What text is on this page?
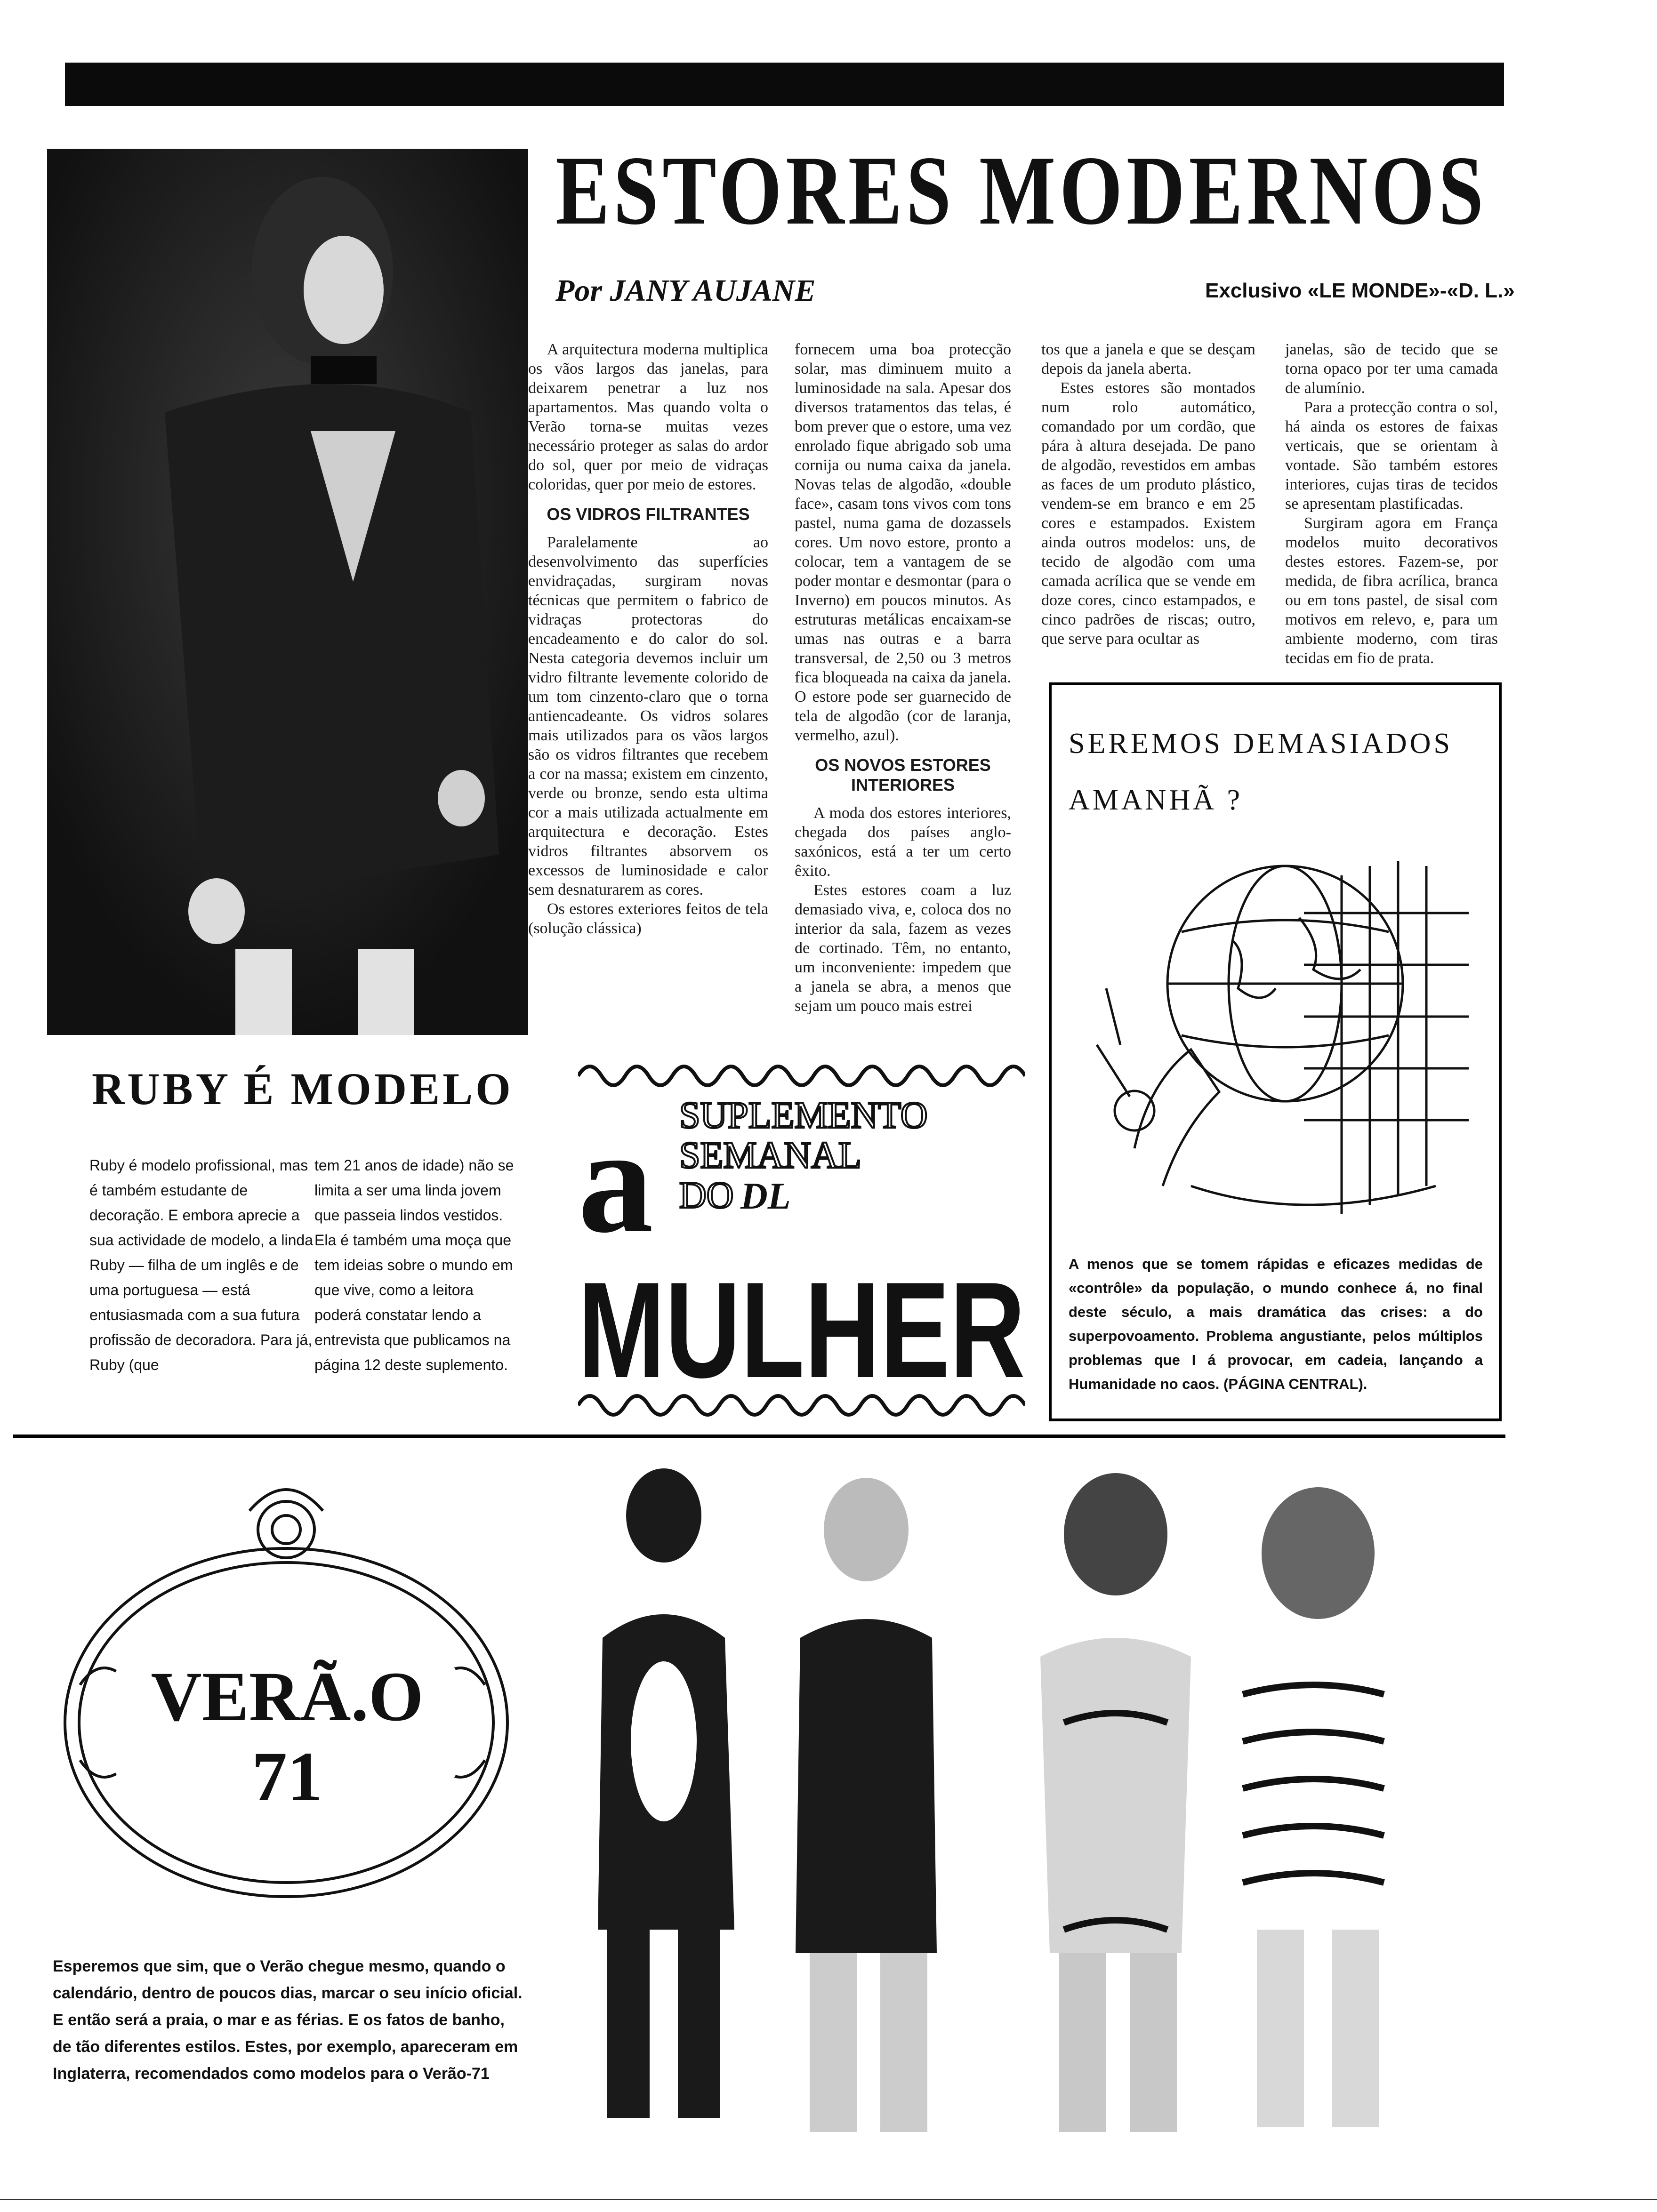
ESTORES MODERNOS
Por JANY AUJANE	Exclusivo «LE MONDE»-«D. L.»

A arquitectura moderna multiplica os vãos largos das janelas, para deixarem penetrar a luz nos apartamentos. Mas quando volta o Verão torna-se muitas vezes necessário proteger as salas do ardor do sol, quer por meio de vidraças coloridas, quer por meio de estores.

OS VIDROS FILTRANTES

Paralelamente ao desenvolvimento das superfícies envidraçadas, surgiram novas técnicas que permitem o fabrico de vidraças protectoras do encadeamento e do calor do sol. Nesta categoria devemos incluir um vidro filtrante levemente colorido de um tom cinzento-claro que o torna antiencadeante. Os vidros solares mais utilizados para os vãos largos são os vidros filtrantes que recebem a cor na massa; existem em cinzento, verde ou bronze, sendo esta ultima cor a mais utilizada actualmente em arquitectura e decoração. Estes vidros filtrantes absorvem os excessos de luminosidade e calor sem desnaturarem as cores.

Os estores exteriores feitos de tela (solução clássica)

fornecem uma boa protecção solar, mas diminuem muito a luminosidade na sala. Apesar dos diversos tratamentos das telas, é bom prever que o estore, uma vez enrolado fique abrigado sob uma cornija ou numa caixa da janela. Novas telas de algodão, «double face», casam tons vivos com tons pastel, numa gama de dozassels cores. Um novo estore, pronto a colocar, tem a vantagem de se poder montar e desmontar (para o Inverno) em poucos minutos. As estruturas metálicas encaixam-se umas nas outras e a barra transversal, de 2,50 ou 3 metros fica bloqueada na caixa da janela. O estore pode ser guarnecido de tela de algodão (cor de laranja, vermelho, azul).

OS NOVOS ESTORES INTERIORES

A moda dos estores interiores, chegada dos países anglo-saxónicos, está a ter um certo êxito.

Estes estores coam a luz demasiado viva, e, coloca dos no interior da sala, fazem as vezes de cortinado. Têm, no entanto, um inconveniente: impedem que a janela se abra, a menos que sejam um pouco mais estrei

tos que a janela e que se desçam depois da janela aberta.

Estes estores são montados num rolo automático, comandado por um cordão, que pára à altura desejada. De pano de algodão, revestidos em ambas as faces de um produto plástico, vendem-se em branco e em 25 cores e estampados. Existem ainda outros modelos: uns, de tecido de algodão com uma camada acrílica que se vende em doze cores, cinco estampados, e cinco padrões de riscas; outro, que serve para ocultar as

janelas, são de tecido que se torna opaco por ter uma camada de alumínio.

Para a protecção contra o sol, há ainda os estores de faixas verticais, que se orientam à vontade. São também estores interiores, cujas tiras de tecidos se apresentam plastificadas.

Surgiram agora em França modelos muito decorativos destes estores. Fazem-se, por medida, de fibra acrílica, branca ou em tons pastel, de sisal com motivos em relevo, e, para um ambiente moderno, com tiras tecidas em fio de prata.

SEREMOS DEMASIADOS
AMANHÃ ?
A menos que se tomem rápidas e eficazes medidas de «contrôle» da população, o mundo conhece á, no final deste século, a mais dramática das crises: a do superpovoamento. Problema angustiante, pelos múltiplos problemas que I á provocar, em cadeia, lançando a Humanidade no caos. (PÁGINA CENTRAL).
RUBY É MODELO
Ruby é modelo profissional, mas é também estudante de decoração. E embora aprecie a sua actividade de modelo, a linda Ruby — filha de um inglês e de uma portuguesa — está entusiasmada com a sua futura profissão de decoradora. Para já, Ruby (que
tem 21 anos de idade) não se limita a ser uma linda jovem que passeia lindos vestidos. Ela é também uma moça que tem ideias sobre o mundo em que vive, como a leitora poderá constatar lendo a entrevista que publicamos na página 12 deste suplemento.
a SUPLEMENTO
SEMANAL
DO DL
MULHER
VERÃ.O
71
Esperemos que sim, que o Verão chegue mesmo, quando o calendário, dentro de poucos dias, marcar o seu início oficial. E então será a praia, o mar e as férias. E os fatos de banho, de tão diferentes estilos. Estes, por exemplo, apareceram em Inglaterra, recomendados como modelos para o Verão-71
